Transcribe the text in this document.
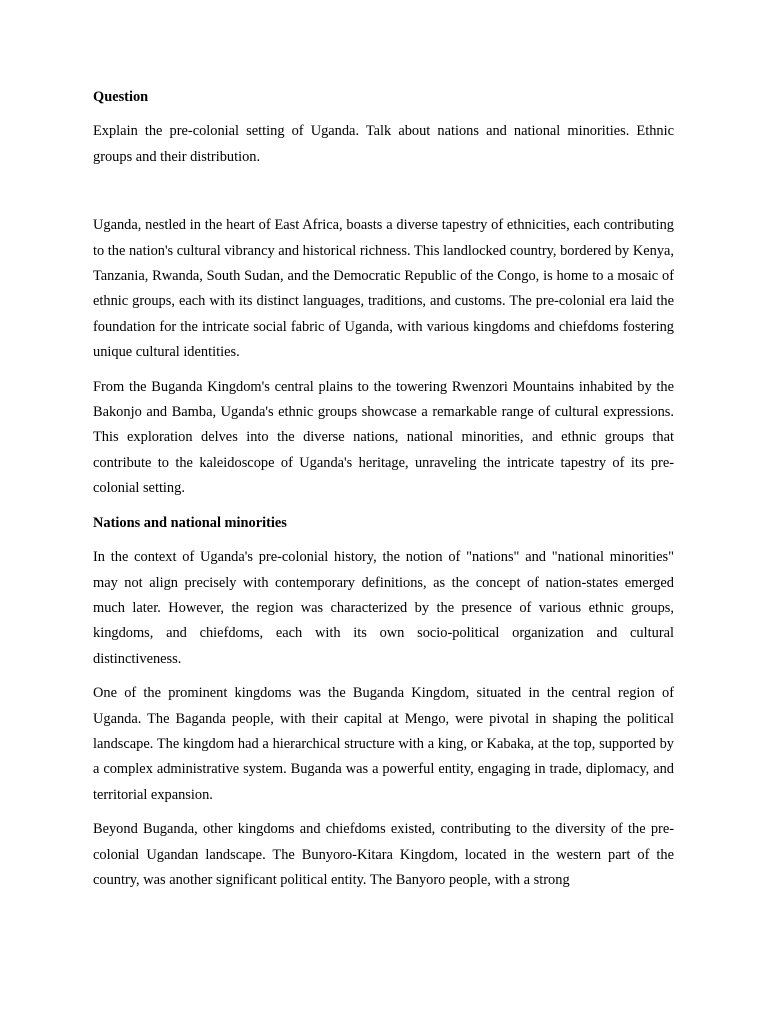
Question

Explain the pre-colonial setting of Uganda. Talk about nations and national minorities. Ethnic groups and their distribution.

Uganda, nestled in the heart of East Africa, boasts a diverse tapestry of ethnicities, each contributing to the nation's cultural vibrancy and historical richness. This landlocked country, bordered by Kenya, Tanzania, Rwanda, South Sudan, and the Democratic Republic of the Congo, is home to a mosaic of ethnic groups, each with its distinct languages, traditions, and customs. The pre-colonial era laid the foundation for the intricate social fabric of Uganda, with various kingdoms and chiefdoms fostering unique cultural identities.

From the Buganda Kingdom's central plains to the towering Rwenzori Mountains inhabited by the Bakonjo and Bamba, Uganda's ethnic groups showcase a remarkable range of cultural expressions. This exploration delves into the diverse nations, national minorities, and ethnic groups that contribute to the kaleidoscope of Uganda's heritage, unraveling the intricate tapestry of its pre-colonial setting.

Nations and national minorities

In the context of Uganda's pre-colonial history, the notion of "nations" and "national minorities" may not align precisely with contemporary definitions, as the concept of nation-states emerged much later. However, the region was characterized by the presence of various ethnic groups, kingdoms, and chiefdoms, each with its own socio-political organization and cultural distinctiveness.

One of the prominent kingdoms was the Buganda Kingdom, situated in the central region of Uganda. The Baganda people, with their capital at Mengo, were pivotal in shaping the political landscape. The kingdom had a hierarchical structure with a king, or Kabaka, at the top, supported by a complex administrative system. Buganda was a powerful entity, engaging in trade, diplomacy, and territorial expansion.

Beyond Buganda, other kingdoms and chiefdoms existed, contributing to the diversity of the pre-colonial Ugandan landscape. The Bunyoro-Kitara Kingdom, located in the western part of the country, was another significant political entity. The Banyoro people, with a strong
